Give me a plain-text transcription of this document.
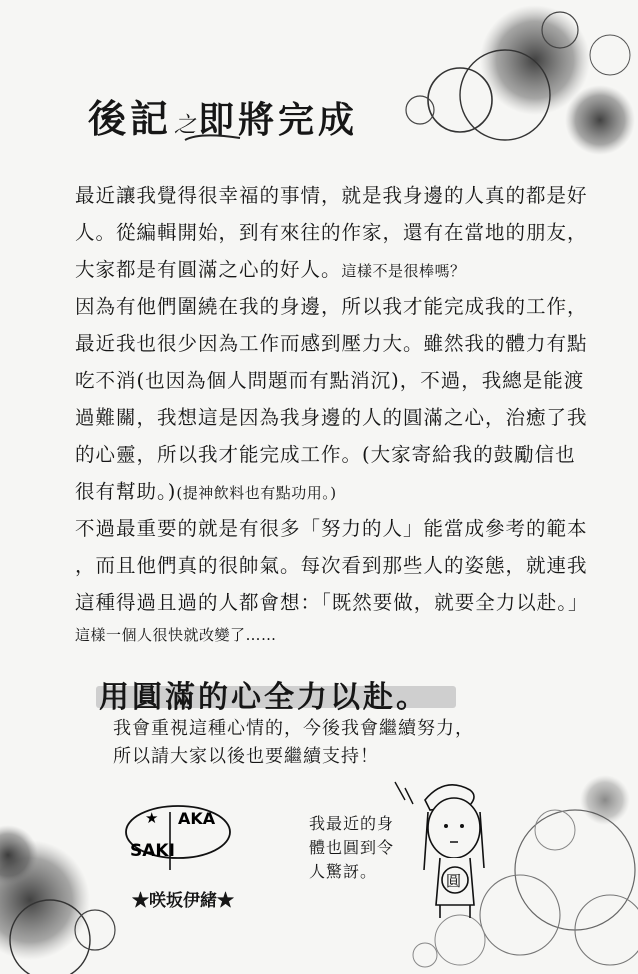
後記之即將完成
最近讓我覺得很幸福的事情，就是我身邊的人真的都是好
人。從編輯開始，到有來往的作家，還有在當地的朋友，
大家都是有圓滿之心的好人。這樣不是很棒嗎？
因為有他們圍繞在我的身邊，所以我才能完成我的工作，
最近我也很少因為工作而感到壓力大。雖然我的體力有點
吃不消(也因為個人問題而有點消沉)，不過，我總是能渡
過難關，我想這是因為我身邊的人的圓滿之心，治癒了我
的心靈，所以我才能完成工作。(大家寄給我的鼓勵信也
很有幫助。)(提神飲料也有點功用。)
不過最重要的就是有很多「努力的人」能當成參考的範本
，而且他們真的很帥氣。每次看到那些人的姿態，就連我
這種得過且過的人都會想：「既然要做，就要全力以赴。」
這樣一個人很快就改變了……
用圓滿的心全力以赴。
我會重視這種心情的，今後我會繼續努力，
所以請大家以後也要繼續支持！
★ AKA
SAKI
★咲坂伊緒★
我最近的身
體也圓到令
人驚訝。	圓
